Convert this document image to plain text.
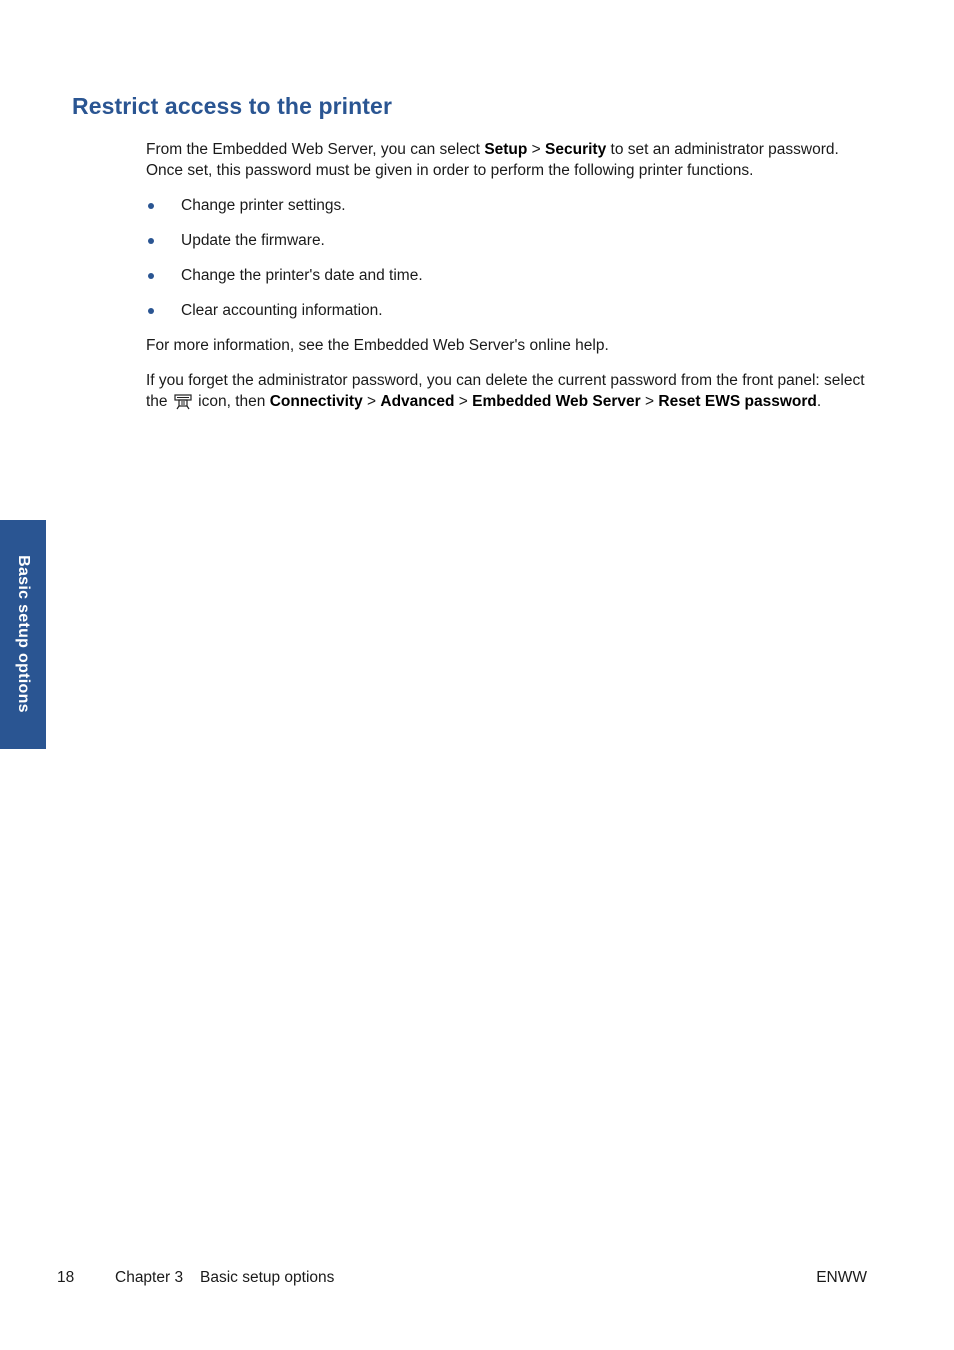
Restrict access to the printer

From the Embedded Web Server, you can select Setup > Security to set an administrator password. Once set, this password must be given in order to perform the following printer functions.

Change printer settings.
Update the firmware.
Change the printer's date and time.
Clear accounting information.

For more information, see the Embedded Web Server's online help.

If you forget the administrator password, you can delete the current password from the front panel: select the  icon, then Connectivity > Advanced > Embedded Web Server > Reset EWS password.

Basic setup options
18	Chapter 3 Basic setup options	ENWW
